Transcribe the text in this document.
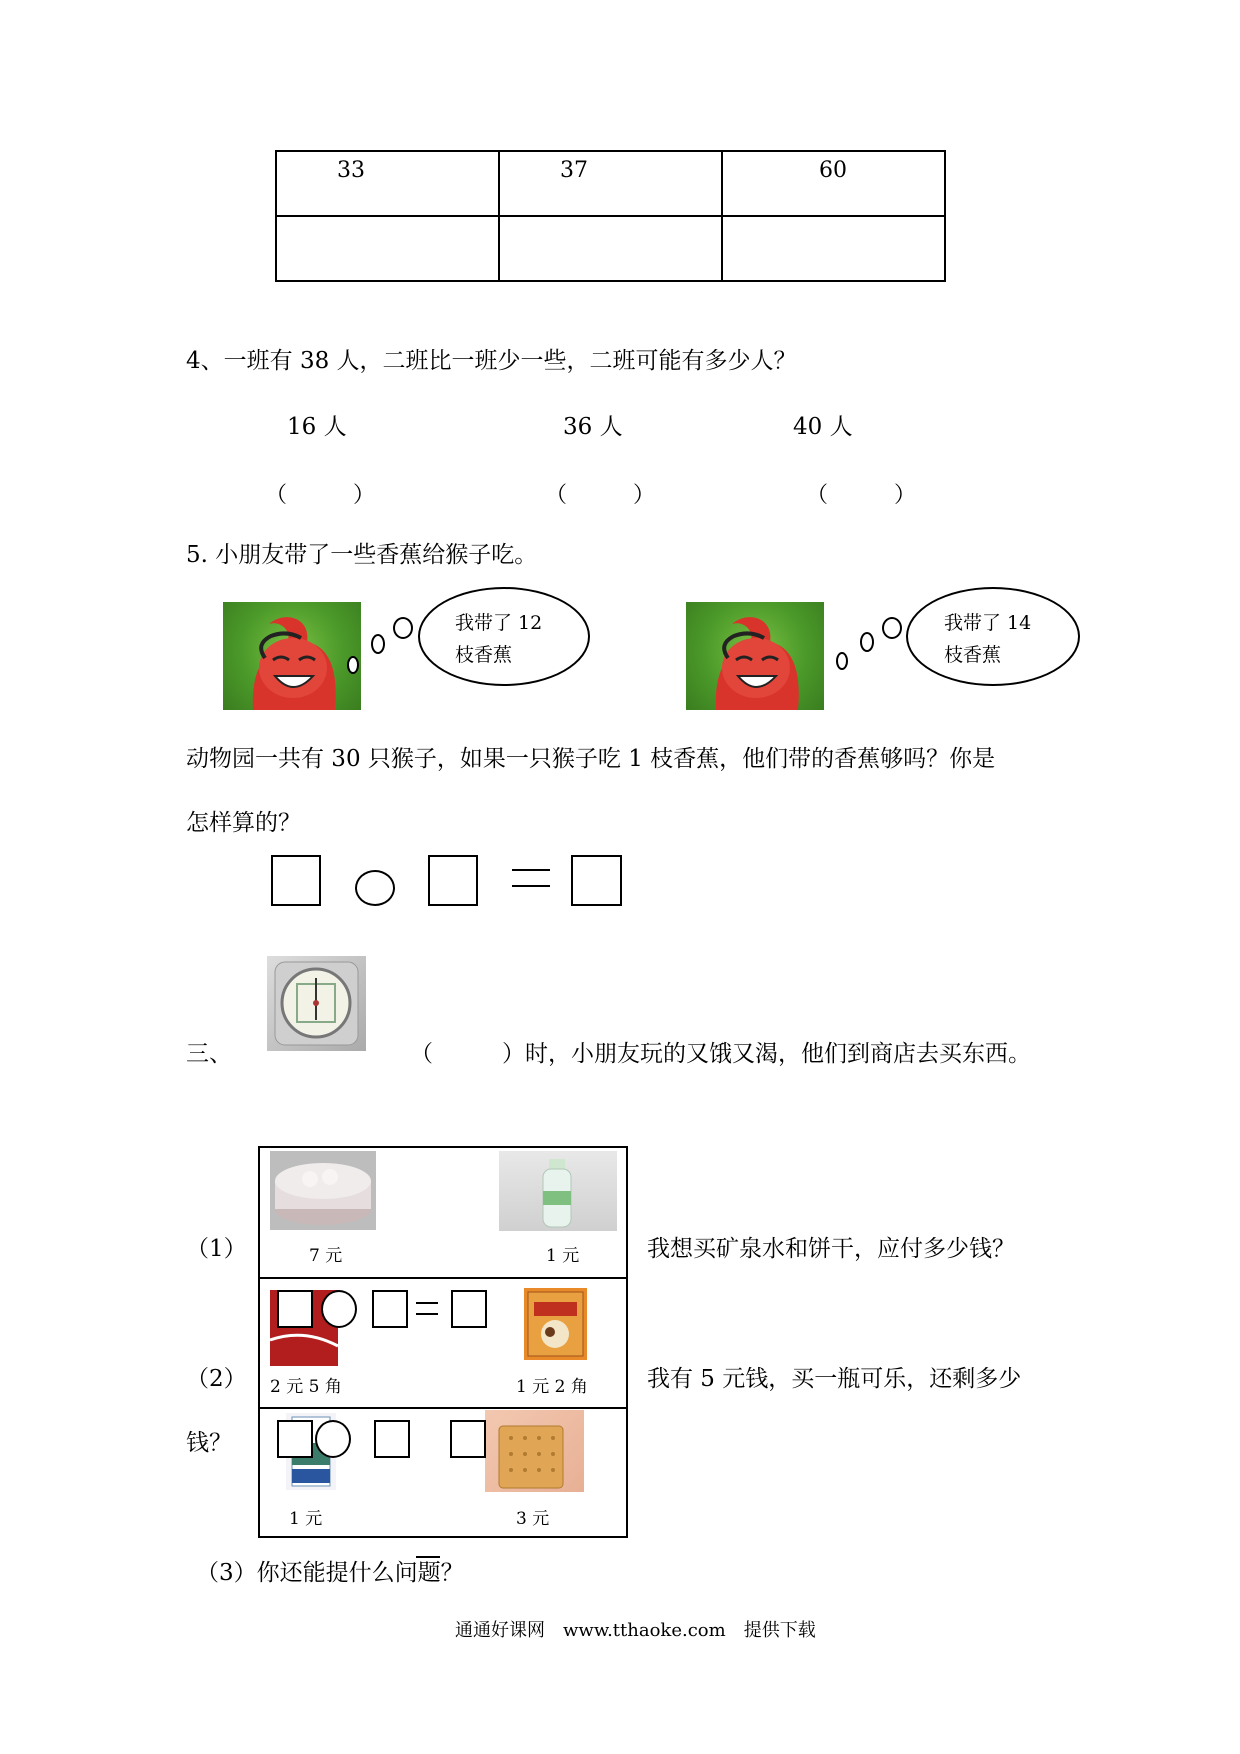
33	37	60

4、一班有 38 人，二班比一班少一些，二班可能有多少人？
16 人	36 人	40 人
（　　　）	（　　　）	（　　　）
5. 小朋友带了一些香蕉给猴子吃。
我带了 12
枝香蕉
我带了 14
枝香蕉
动物园一共有 30 只猴子，如果一只猴子吃 1 枝香蕉，他们带的香蕉够吗？你是
怎样算的？
三、	（　　　）时，小朋友玩的又饿又渴，他们到商店去买东西。
7 元	1 元
2 元 5 角	1 元 2 角
1 元	3 元
（1）	我想买矿泉水和饼干，应付多少钱？
（2）	我有 5 元钱，买一瓶可乐，还剩多少
钱？
（3）你还能提什么问题？
通通好课网　www.tthaoke.com　提供下载
